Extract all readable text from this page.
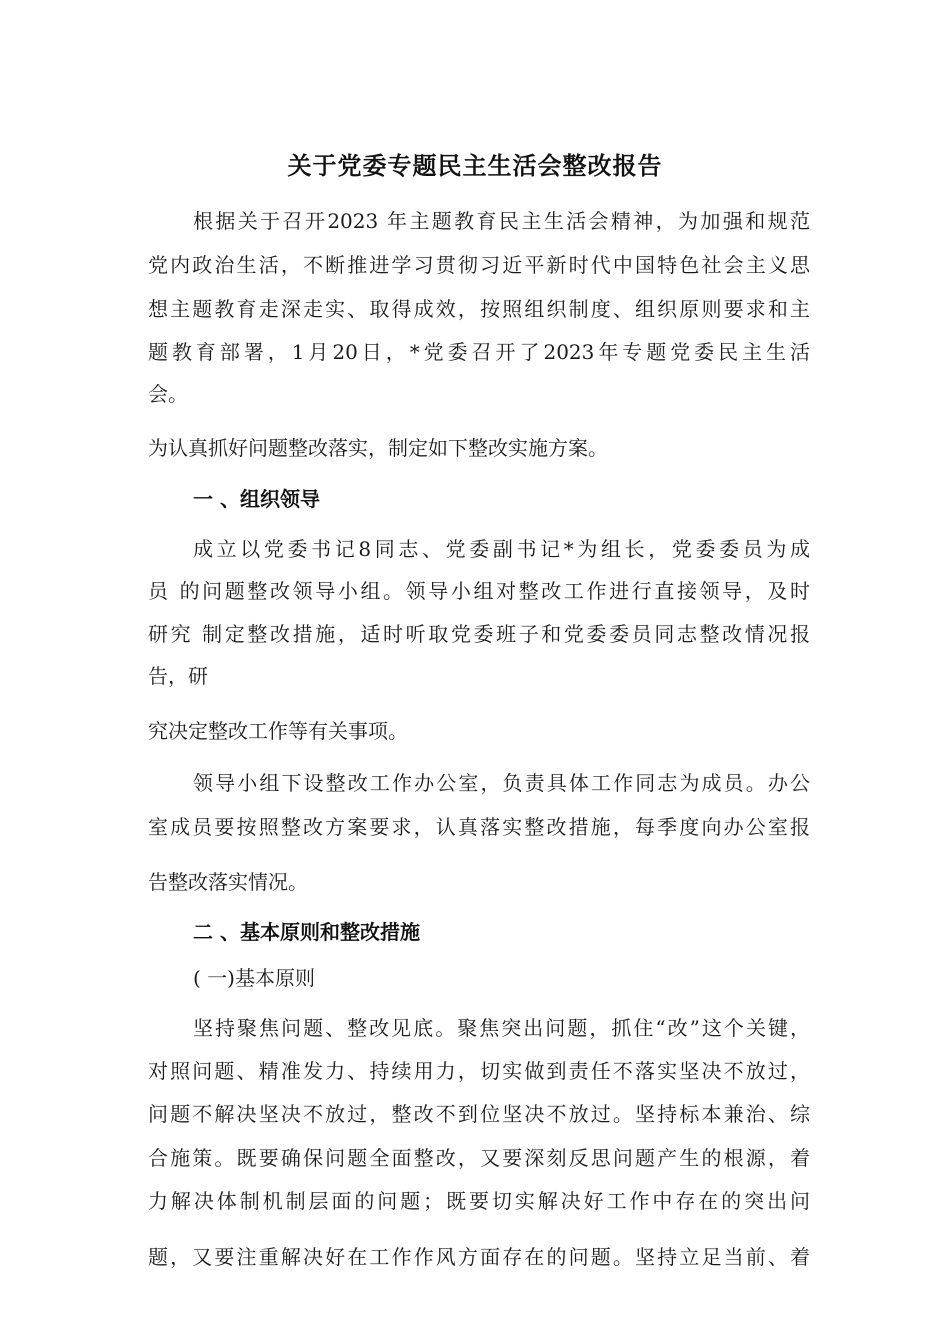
关于党委专题民主生活会整改报告
根据关于召开2023 年主题教育民主生活会精神，为加强和规范
党内政治生活，不断推进学习贯彻习近平新时代中国特色社会主义思
想主题教育走深走实、取得成效，按照组织制度、组织原则要求和主
题教育部署，1月20日，*党委召开了2023年专题党委民主生活
会。
为认真抓好问题整改落实，制定如下整改实施方案。
一 、组织领导
成立以党委书记8同志、党委副书记*为组长，党委委员为成
员 的问题整改领导小组。领导小组对整改工作进行直接领导，及时
研究 制定整改措施，适时听取党委班子和党委委员同志整改情况报
告，研
究决定整改工作等有关事项。
领导小组下设整改工作办公室，负责具体工作同志为成员。办公
室成员要按照整改方案要求，认真落实整改措施，每季度向办公室报
告整改落实情况。
二 、基本原则和整改措施
( 一)基本原则
坚持聚焦问题、整改见底。聚焦突出问题，抓住“改”这个关键，
对照问题、精准发力、持续用力，切实做到责任不落实坚决不放过，
问题不解决坚决不放过，整改不到位坚决不放过。坚持标本兼治、综
合施策。既要确保问题全面整改，又要深刻反思问题产生的根源，着
力解决体制机制层面的问题；既要切实解决好工作中存在的突出问
题，又要注重解决好在工作作风方面存在的问题。坚持立足当前、着
